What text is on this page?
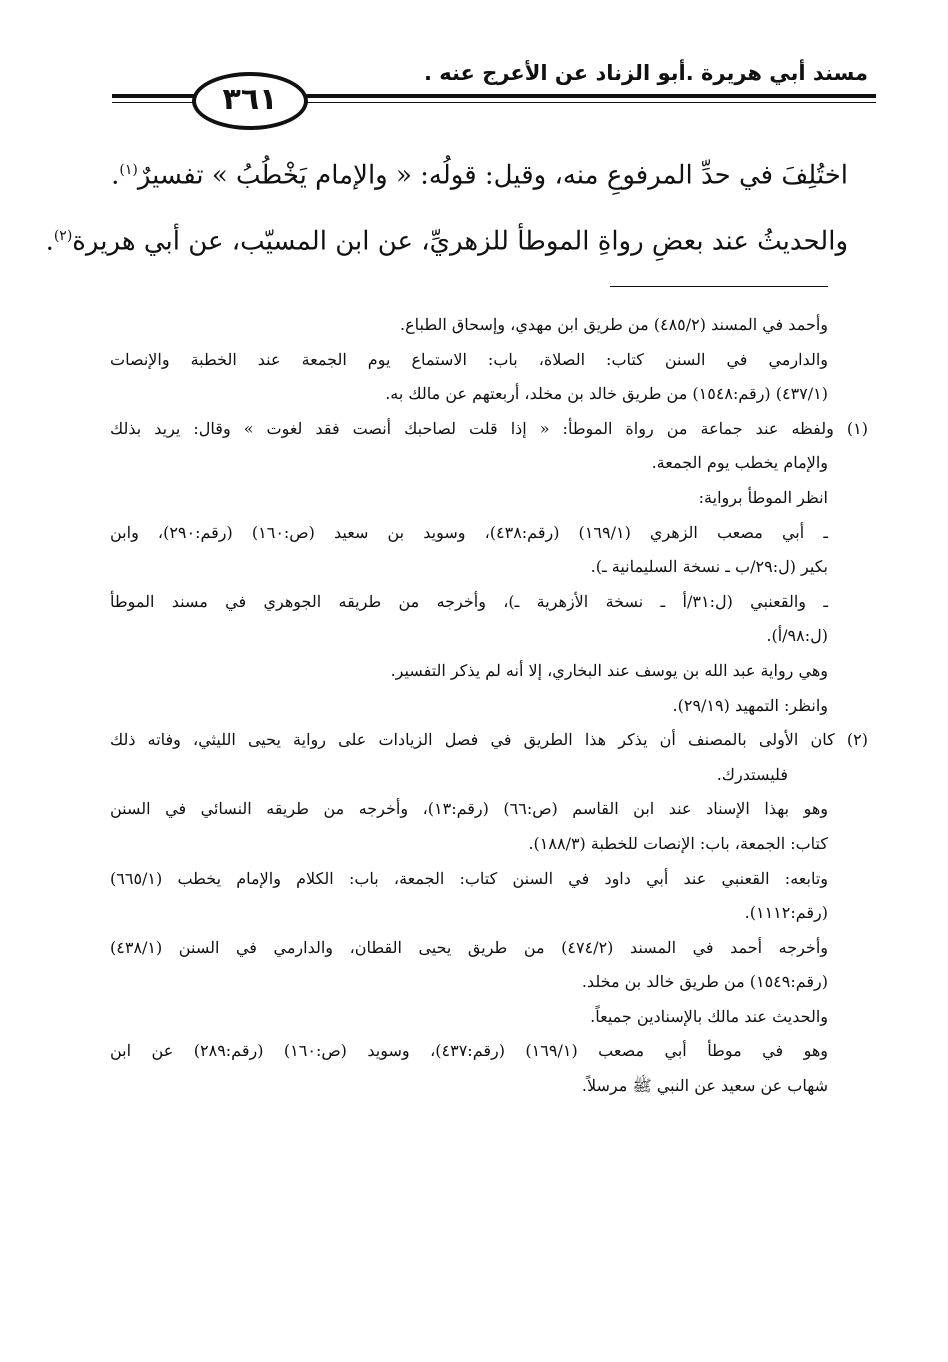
مسند أبي هريرة .أبو الزناد عن الأعرج عنه .
٣٦١

اختُلِفَ في حدِّ المرفوعِ منه، وقيل: قولُه: « والإمام يَخْطُبُ » تفسيرٌ$^{(١)}$.

والحديثُ عند بعضِ رواةِ الموطأ للزهريِّ، عن ابن المسيّب، عن أبي هريرة$^{(٢)}$.

وأحمد في المسند (٤٨٥/٢) من طريق ابن مهدي، وإسحاق الطباع.

والدارمي في السنن كتاب: الصلاة، باب: الاستماع يوم الجمعة عند الخطبة والإنصات

(٤٣٧/١) (رقم:١٥٤٨) من طريق خالد بن مخلد، أربعتهم عن مالك به.

(١) ولفظه عند جماعة من رواة الموطأ: « إذا قلت لصاحبك أنصت فقد لغوت » وقال: يريد بذلك

والإمام يخطب يوم الجمعة.

انظر الموطأ برواية:

ـ أبي مصعب الزهري (١٦٩/١) (رقم:٤٣٨)، وسويد بن سعيد (ص:١٦٠) (رقم:٢٩٠)، وابن

بكير (ل:٢٩/ب ـ نسخة السليمانية ـ).

ـ والقعنبي (ل:٣١/أ ـ نسخة الأزهرية ـ)، وأخرجه من طريقه الجوهري في مسند الموطأ

(ل:٩٨/أ).

وهي رواية عبد الله بن يوسف عند البخاري، إلا أنه لم يذكر التفسير.

وانظر: التمهيد (٢٩/١٩).

(٢) كان الأولى بالمصنف أن يذكر هذا الطريق في فصل الزيادات على رواية يحيى الليثي، وفاته ذلك

فليستدرك.

وهو بهذا الإسناد عند ابن القاسم (ص:٦٦) (رقم:١٣)، وأخرجه من طريقه النسائي في السنن

كتاب: الجمعة، باب: الإنصات للخطبة (١٨٨/٣).

وتابعه: القعنبي عند أبي داود في السنن كتاب: الجمعة، باب: الكلام والإمام يخطب (٦٦٥/١)

(رقم:١١١٢).

وأخرجه أحمد في المسند (٤٧٤/٢) من طريق يحيى القطان، والدارمي في السنن (٤٣٨/١)

(رقم:١٥٤٩) من طريق خالد بن مخلد.

والحديث عند مالك بالإسنادين جميعاً.

وهو في موطأ أبي مصعب (١٦٩/١) (رقم:٤٣٧)، وسويد (ص:١٦٠) (رقم:٢٨٩) عن ابن

شهاب عن سعيد عن النبي ﷺ مرسلاً.
